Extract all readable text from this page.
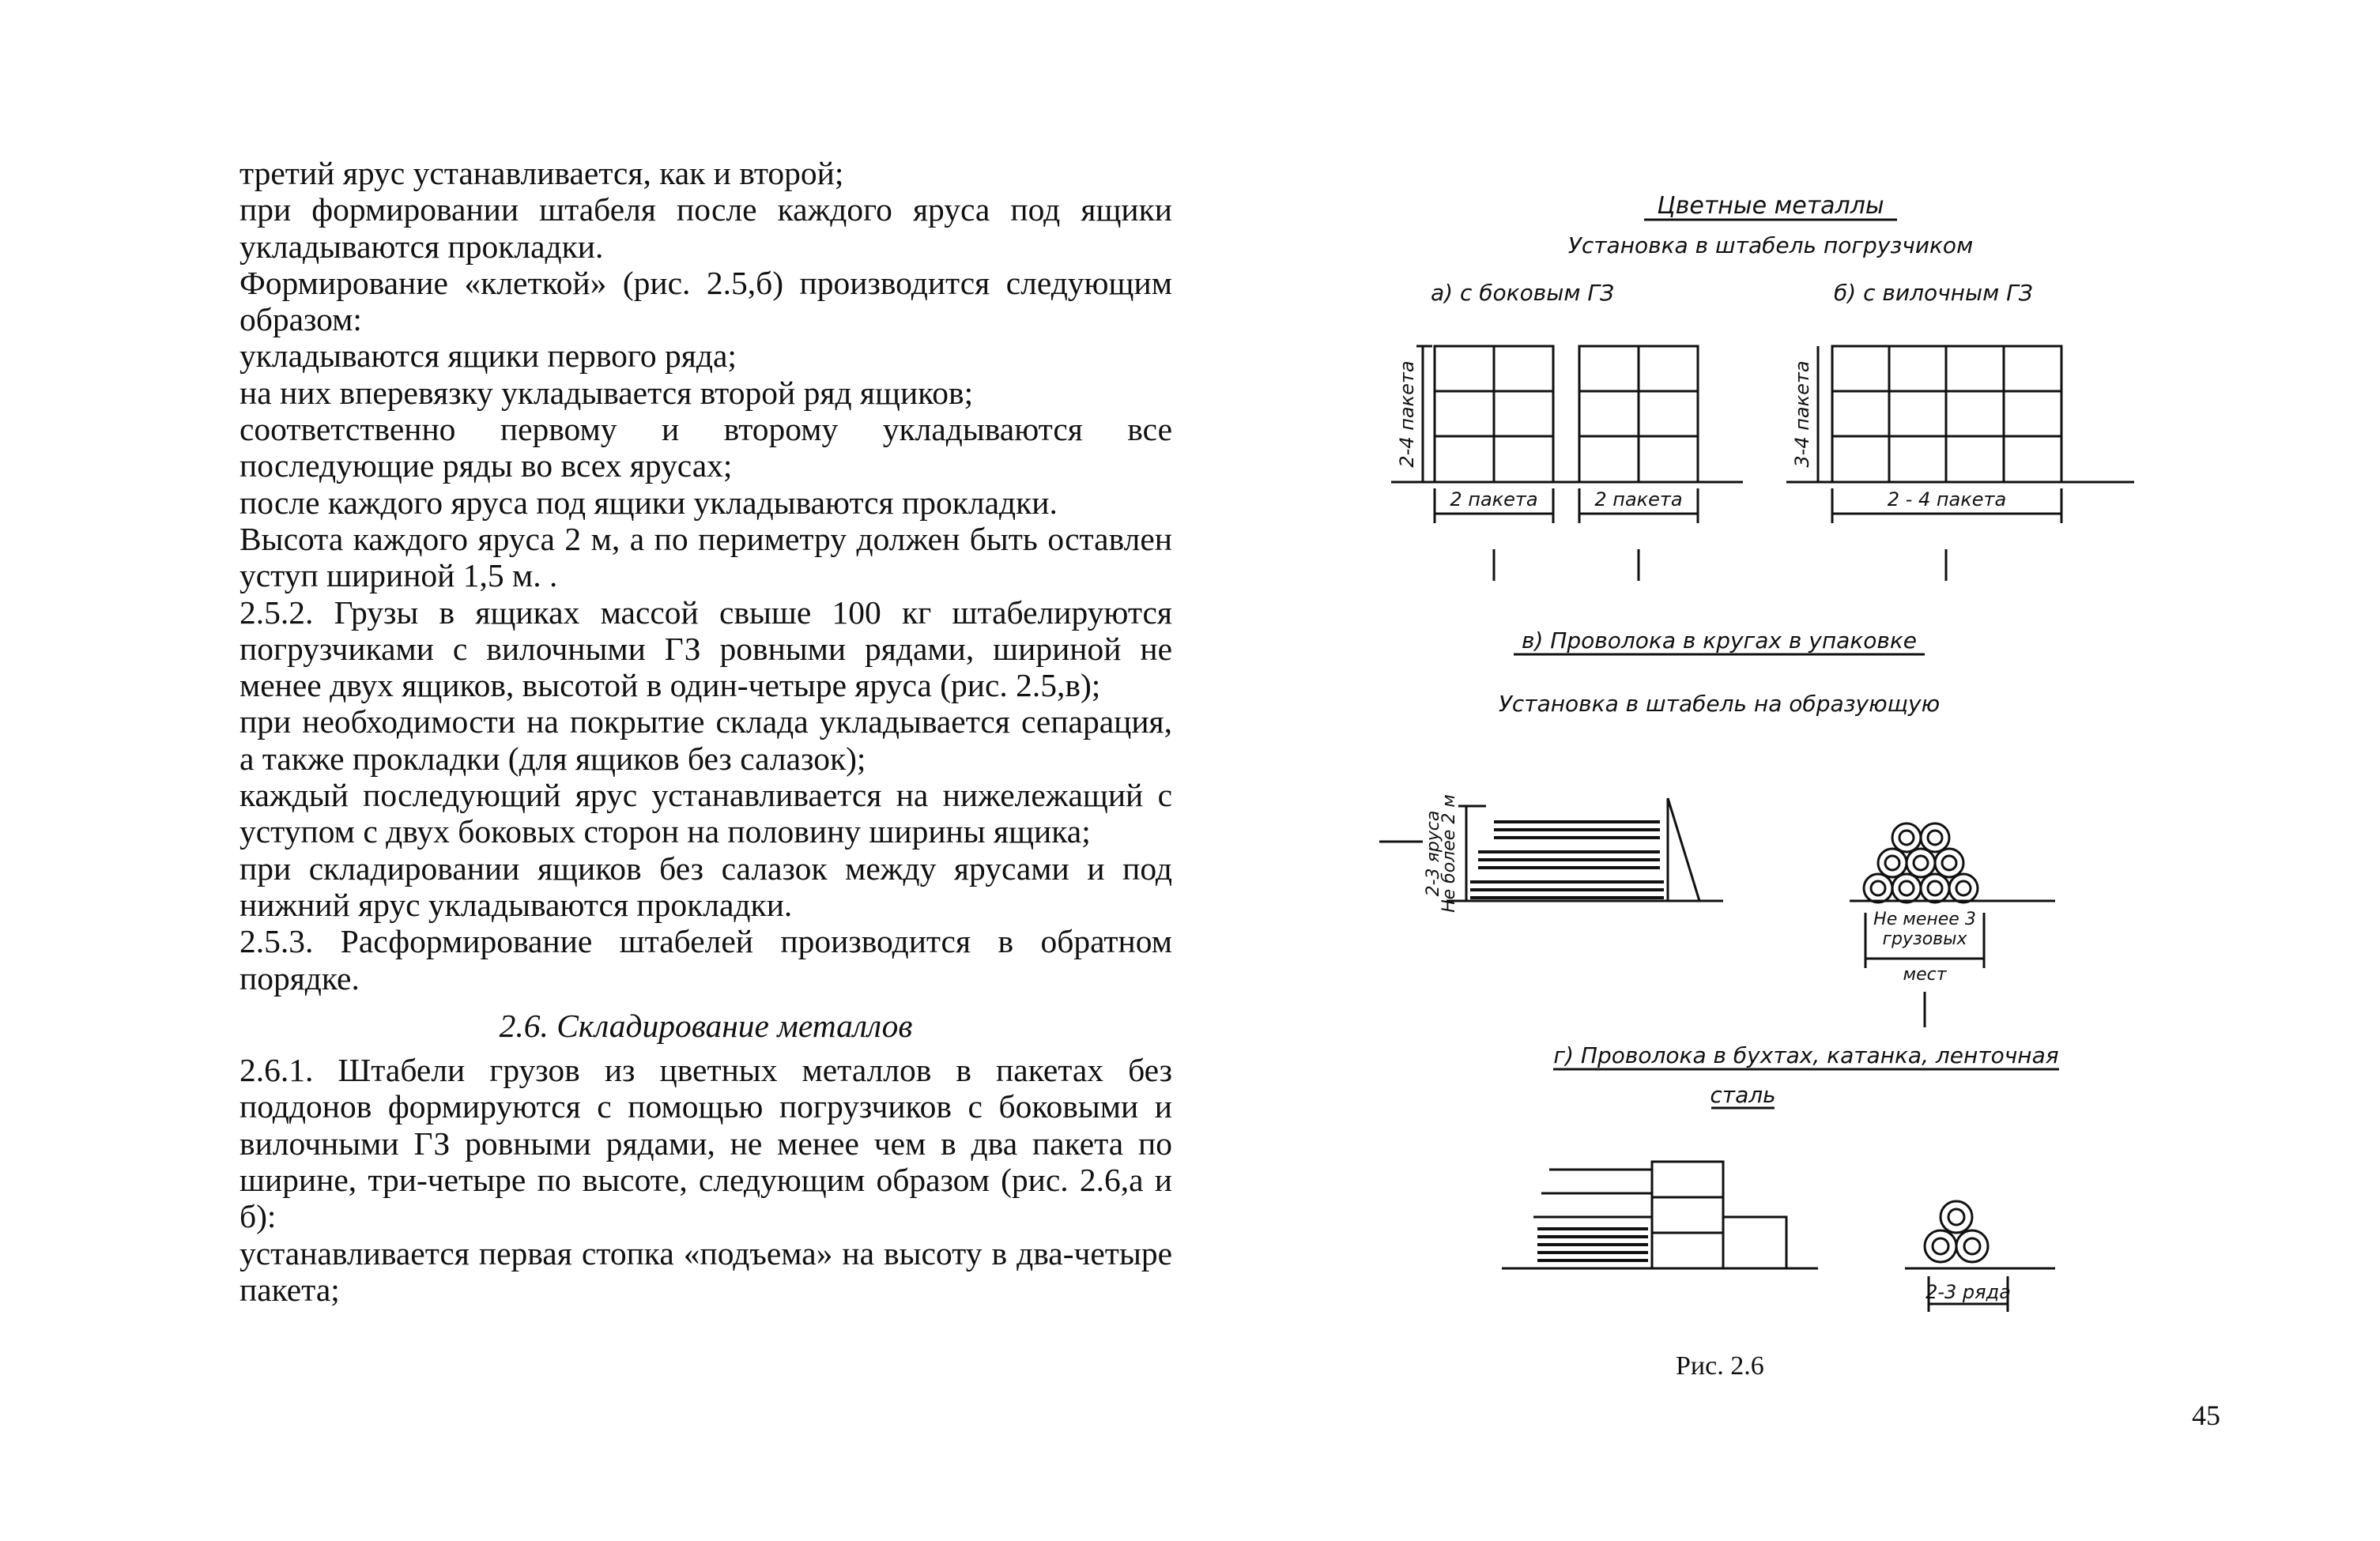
третий ярус устанавливается, как и второй;

при формировании штабеля после каждого яруса под ящики укладываются прокладки.

Формирование «клеткой» (рис. 2.5,б) производится следующим образом:

укладываются ящики первого ряда;

на них вперевязку укладывается второй ряд ящиков;

соответственно первому и второму укладываются все последующие ряды во всех ярусах;

после каждого яруса под ящики укладываются прокладки.

Высота каждого яруса 2 м, а по периметру должен быть оставлен уступ шириной 1,5 м. .

2.5.2. Грузы в ящиках массой свыше 100 кг штабелируются погрузчиками с вилочными ГЗ ровными рядами, шириной не менее двух ящиков, высотой в один-четыре яруса (рис. 2.5,в);

при необходимости на покрытие склада укладывается сепарация, а также прокладки (для ящиков без салазок);

каждый последующий ярус устанавливается на нижележащий с уступом с двух боковых сторон на половину ширины ящика;

при складировании ящиков без салазок между ярусами и под нижний ярус укладываются прокладки.

2.5.3. Расформирование штабелей производится в обратном порядке.

2.6. Складирование металлов

2.6.1. Штабели грузов из цветных металлов в пакетах без поддонов формируются с помощью погрузчиков с боковыми и вилочными ГЗ ровными рядами, не менее чем в два пакета по ширине, три-четыре по высоте, следующим образом (рис. 2.6,а и б):

устанавливается первая стопка «подъема» на высоту в два-четыре пакета;

Цветные металлы
Установка в штабель погрузчиком
а) с боковым ГЗ	б) с вилочным ГЗ
2-4 пакета
2 пакета	2 пакета
3-4 пакета
2 - 4 пакета
в) Проволока в кругах в упаковке
Установка в штабель на образующую
2-3 яруса
Не более 2 м
Не менее 3
грузовых
мест
г) Проволока в бухтах, катанка, ленточная
сталь
2-3 ряда
Рис. 2.6
45
